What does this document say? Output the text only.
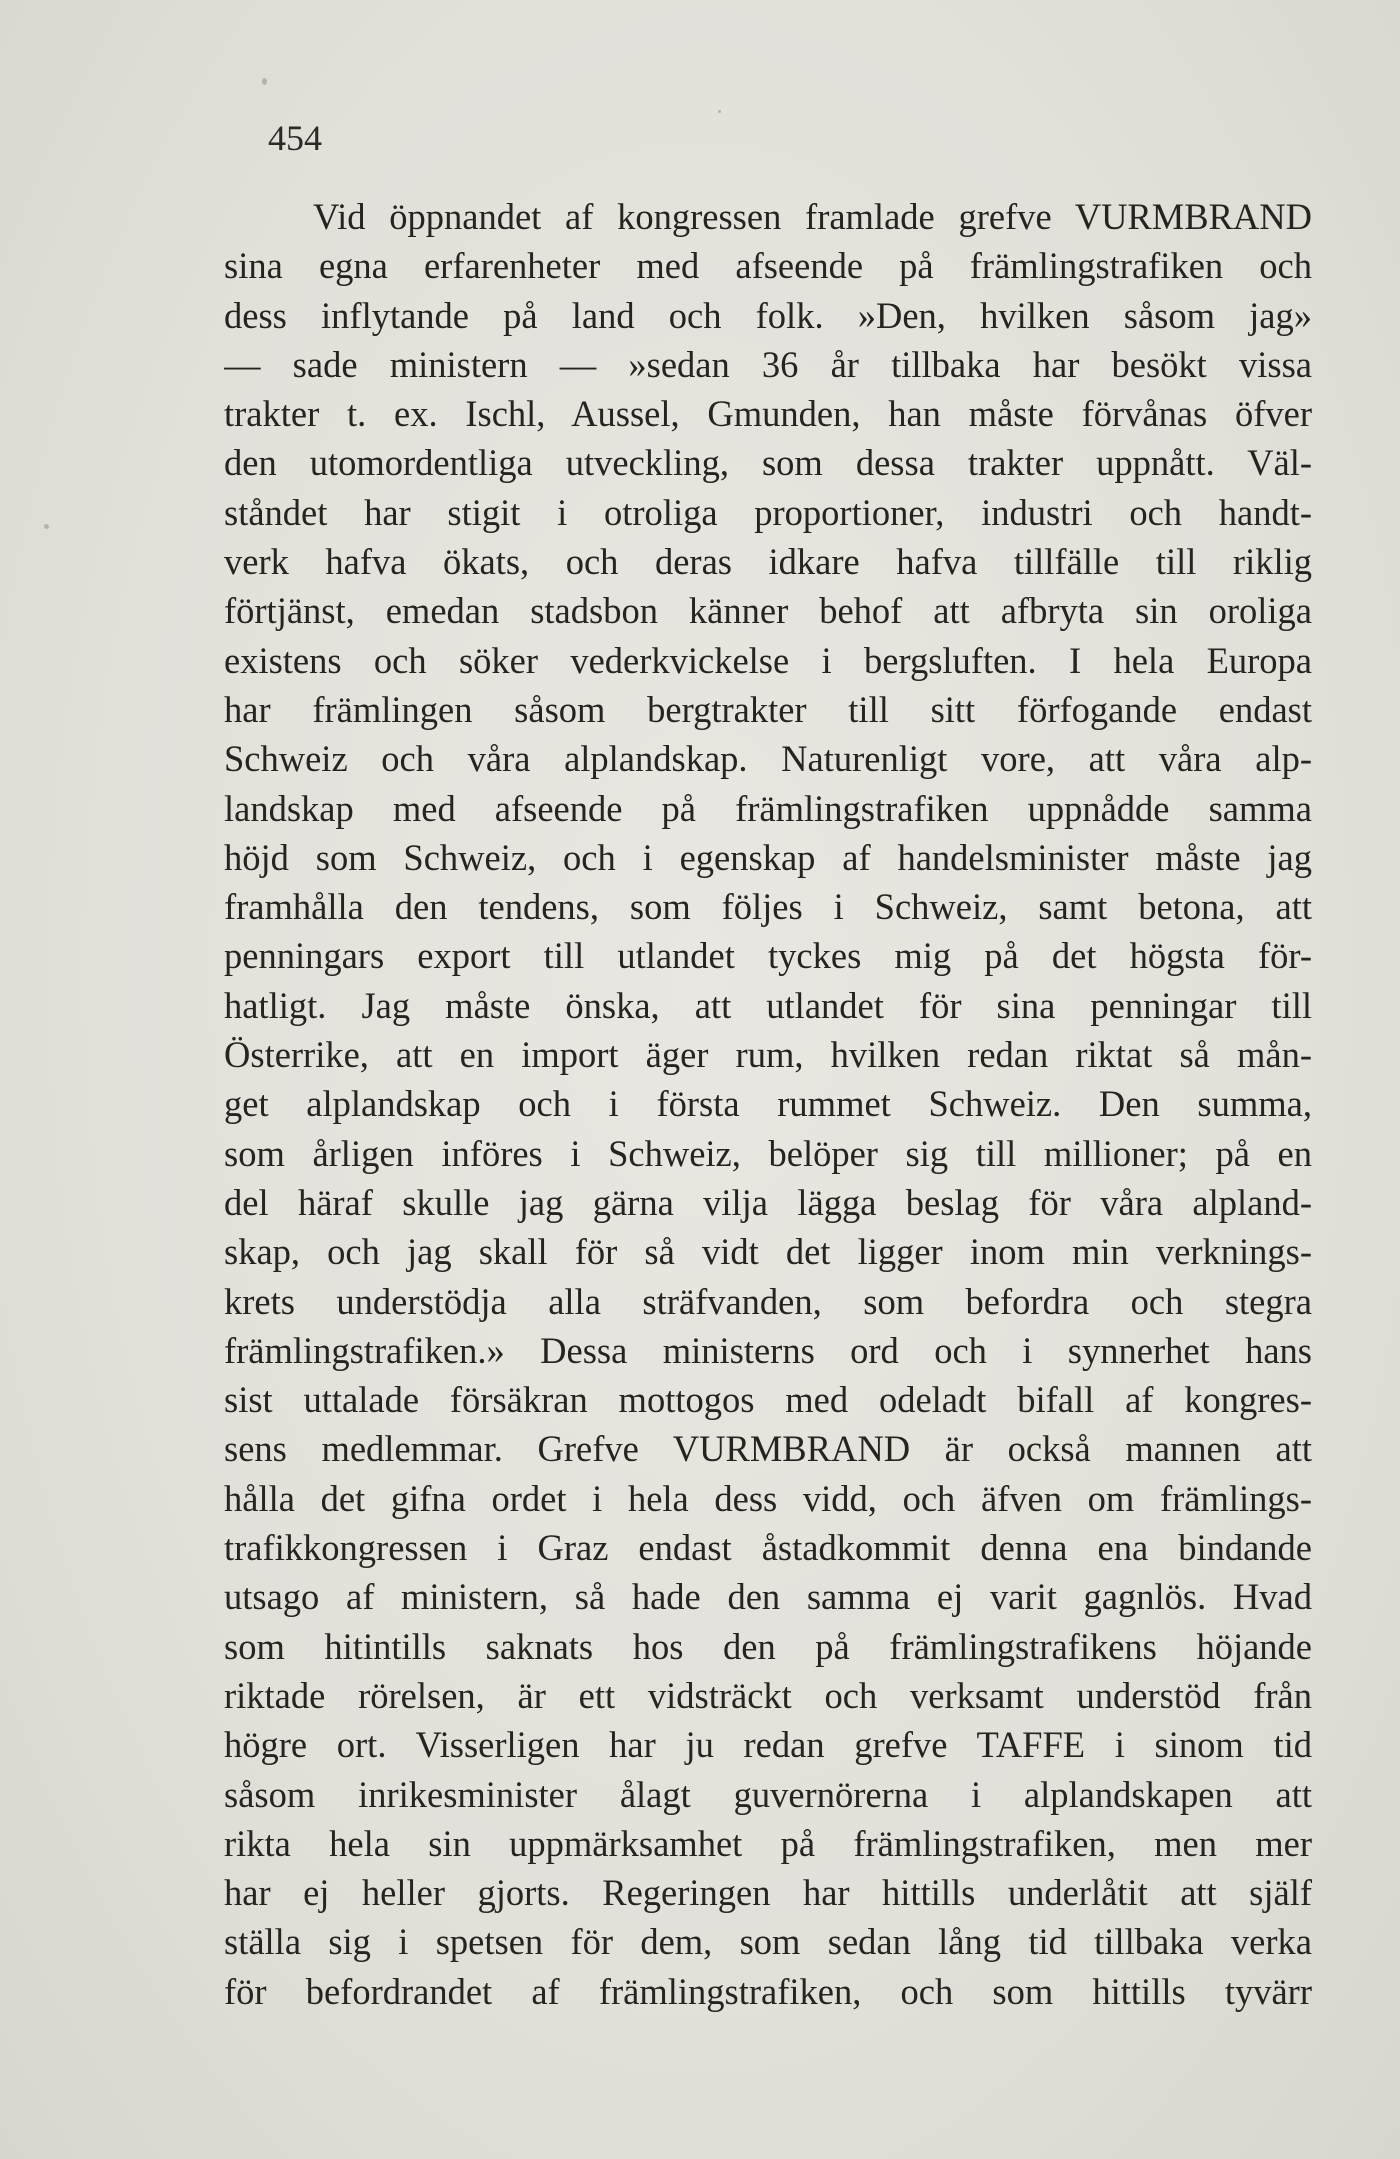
454

Vid öppnandet af kongressen framlade grefve VURMBRAND
sina egna erfarenheter med afseende på främlingstrafiken och
dess inflytande på land och folk. »Den, hvilken såsom jag»
— sade ministern — »sedan 36 år tillbaka har besökt vissa
trakter t. ex. Ischl, Aussel, Gmunden, han måste förvånas öfver
den utomordentliga utveckling, som dessa trakter uppnått. Väl-
ståndet har stigit i otroliga proportioner, industri och handt-
verk hafva ökats, och deras idkare hafva tillfälle till riklig
förtjänst, emedan stadsbon känner behof att afbryta sin oroliga
existens och söker vederkvickelse i bergsluften. I hela Europa
har främlingen såsom bergtrakter till sitt förfogande endast
Schweiz och våra alplandskap. Naturenligt vore, att våra alp-
landskap med afseende på främlingstrafiken uppnådde samma
höjd som Schweiz, och i egenskap af handelsminister måste jag
framhålla den tendens, som följes i Schweiz, samt betona, att
penningars export till utlandet tyckes mig på det högsta för-
hatligt. Jag måste önska, att utlandet för sina penningar till
Österrike, att en import äger rum, hvilken redan riktat så mån-
get alplandskap och i första rummet Schweiz. Den summa,
som årligen införes i Schweiz, belöper sig till millioner; på en
del häraf skulle jag gärna vilja lägga beslag för våra alpland-
skap, och jag skall för så vidt det ligger inom min verknings-
krets understödja alla sträfvanden, som befordra och stegra
främlingstrafiken.» Dessa ministerns ord och i synnerhet hans
sist uttalade försäkran mottogos med odeladt bifall af kongres-
sens medlemmar. Grefve VURMBRAND är också mannen att
hålla det gifna ordet i hela dess vidd, och äfven om främlings-
trafikkongressen i Graz endast åstadkommit denna ena bindande
utsago af ministern, så hade den samma ej varit gagnlös. Hvad
som hitintills saknats hos den på främlingstrafikens höjande
riktade rörelsen, är ett vidsträckt och verksamt understöd från
högre ort. Visserligen har ju redan grefve TAFFE i sinom tid
såsom inrikesminister ålagt guvernörerna i alplandskapen att
rikta hela sin uppmärksamhet på främlingstrafiken, men mer
har ej heller gjorts. Regeringen har hittills underlåtit att själf
ställa sig i spetsen för dem, som sedan lång tid tillbaka verka
för befordrandet af främlingstrafiken, och som hittills tyvärr
